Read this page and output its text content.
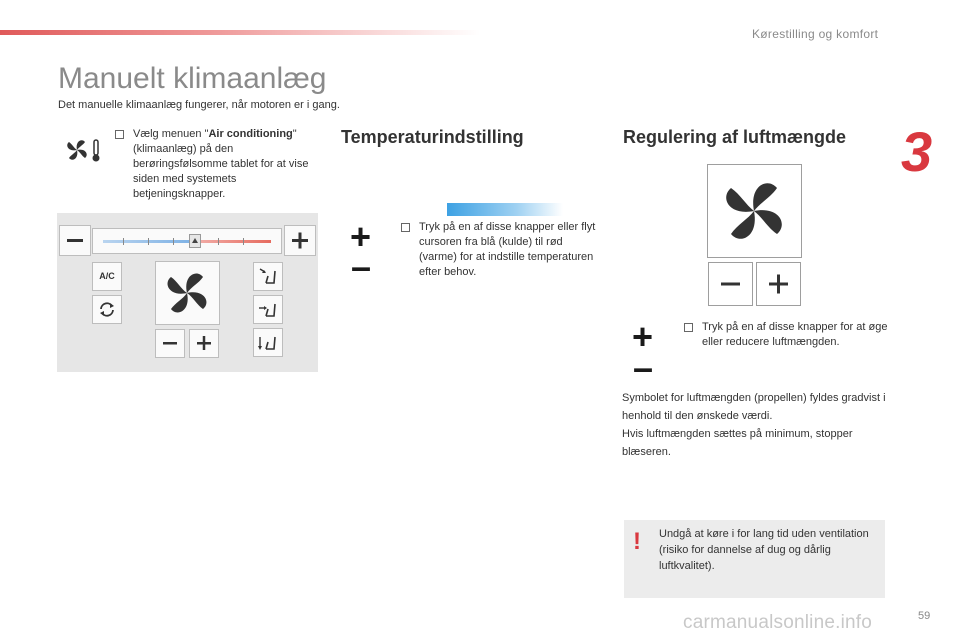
Kørestilling og komfort
3
Manuelt klimaanlæg
Det manuelle klimaanlæg fungerer, når motoren er i gang.
Vælg menuen "Air conditioning" (klimaanlæg) på den berøringsfølsomme tablet for at vise siden med systemets betjeningsknapper.
A/C
Temperaturindstilling
+
–
Tryk på en af disse knapper eller flyt cursoren fra blå (kulde) til rød (varme) for at indstille temperaturen efter behov.
Regulering af luftmængde
+
–
Tryk på en af disse knapper for at øge eller reducere luftmængden.
Symbolet for luftmængden (propellen) fyldes gradvist i henhold til den ønskede værdi.
Hvis luftmængden sættes på minimum, stopper blæseren.
! Undgå at køre i for lang tid uden ventilation (risiko for dannelse af dug og dårlig luftkvalitet).
carmanualsonline.info	59
